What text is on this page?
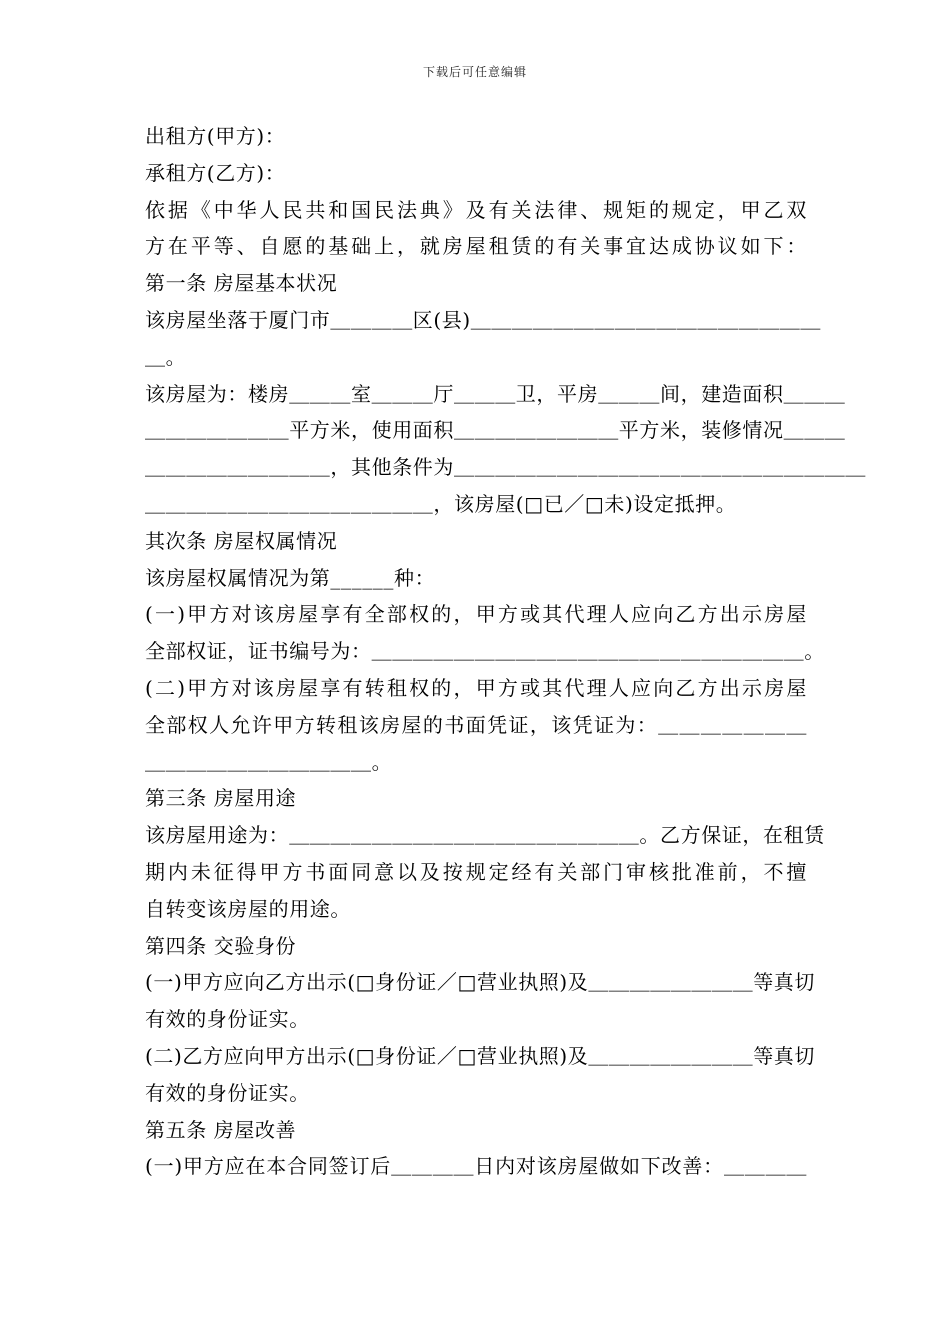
下载后可任意编辑

出租方(甲方)：

承租方(乙方)：

依据《中华人民共和国民法典》及有关法律、规矩的规定，甲乙双

方在平等、自愿的基础上，就房屋租赁的有关事宜达成协议如下：

第一条 房屋基本状况

该房屋坐落于厦门市＿＿＿＿区(县)＿＿＿＿＿＿＿＿＿＿＿＿＿＿＿＿＿

＿。

该房屋为：楼房＿＿＿室＿＿＿厅＿＿＿卫，平房＿＿＿间，建造面积＿＿＿

＿＿＿＿＿＿＿平方米，使用面积＿＿＿＿＿＿＿＿平方米，装修情况＿＿＿

＿＿＿＿＿＿＿＿＿，其他条件为＿＿＿＿＿＿＿＿＿＿＿＿＿＿＿＿＿＿＿＿

＿＿＿＿＿＿＿＿＿＿＿＿＿＿，该房屋(□已／□未)设定抵押。

其次条 房屋权属情况

该房屋权属情况为第______种：

(一)甲方对该房屋享有全部权的，甲方或其代理人应向乙方出示房屋

全部权证，证书编号为：＿＿＿＿＿＿＿＿＿＿＿＿＿＿＿＿＿＿＿＿＿。

(二)甲方对该房屋享有转租权的，甲方或其代理人应向乙方出示房屋

全部权人允许甲方转租该房屋的书面凭证，该凭证为：＿＿＿＿＿＿＿

＿＿＿＿＿＿＿＿＿＿＿。

第三条 房屋用途

该房屋用途为：＿＿＿＿＿＿＿＿＿＿＿＿＿＿＿＿＿。乙方保证，在租赁

期内未征得甲方书面同意以及按规定经有关部门审核批准前，不擅

自转变该房屋的用途。

第四条 交验身份

(一)甲方应向乙方出示(□身份证／□营业执照)及＿＿＿＿＿＿＿＿等真切

有效的身份证实。

(二)乙方应向甲方出示(□身份证／□营业执照)及＿＿＿＿＿＿＿＿等真切

有效的身份证实。

第五条 房屋改善

(一)甲方应在本合同签订后＿＿＿＿日内对该房屋做如下改善：＿＿＿＿
